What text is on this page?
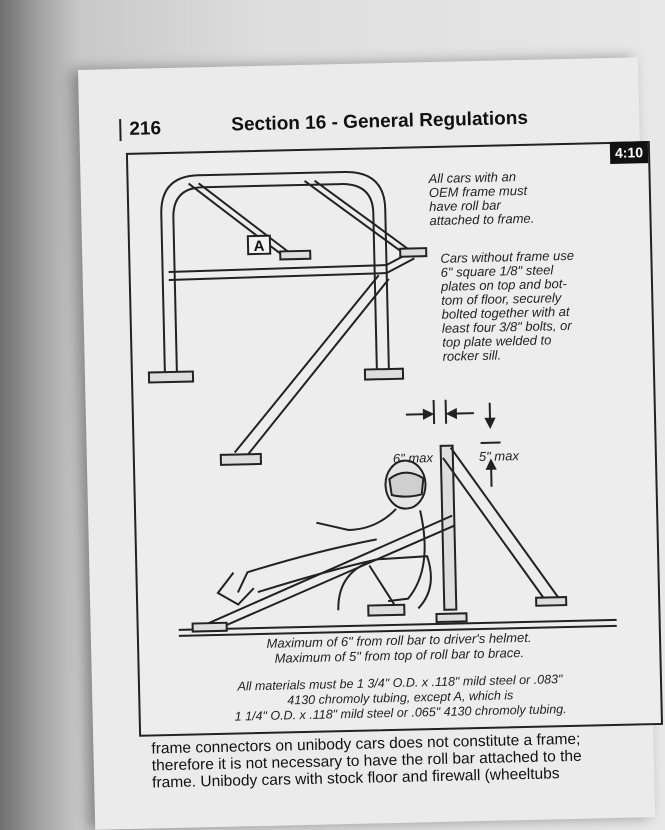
216	Section 16 - General Regulations
4:10
A
All cars with an
OEM frame must
have roll bar
attached to frame.
Cars without frame use
6" square 1/8" steel
plates on top and bot-
tom of floor, securely
bolted together with at
least four 3/8" bolts, or
top plate welded to
rocker sill.
6" max	5" max
Maximum of 6" from roll bar to driver's helmet.
Maximum of 5" from top of roll bar to brace.
All materials must be 1 3/4" O.D. x .118" mild steel or .083"
4130 chromoly tubing, except A, which is
1 1/4" O.D. x .118" mild steel or .065" 4130 chromoly tubing.
frame connectors on unibody cars does not constitute a frame;
therefore it is not necessary to have the roll bar attached to the
frame. Unibody cars with stock floor and firewall (wheeltubs
